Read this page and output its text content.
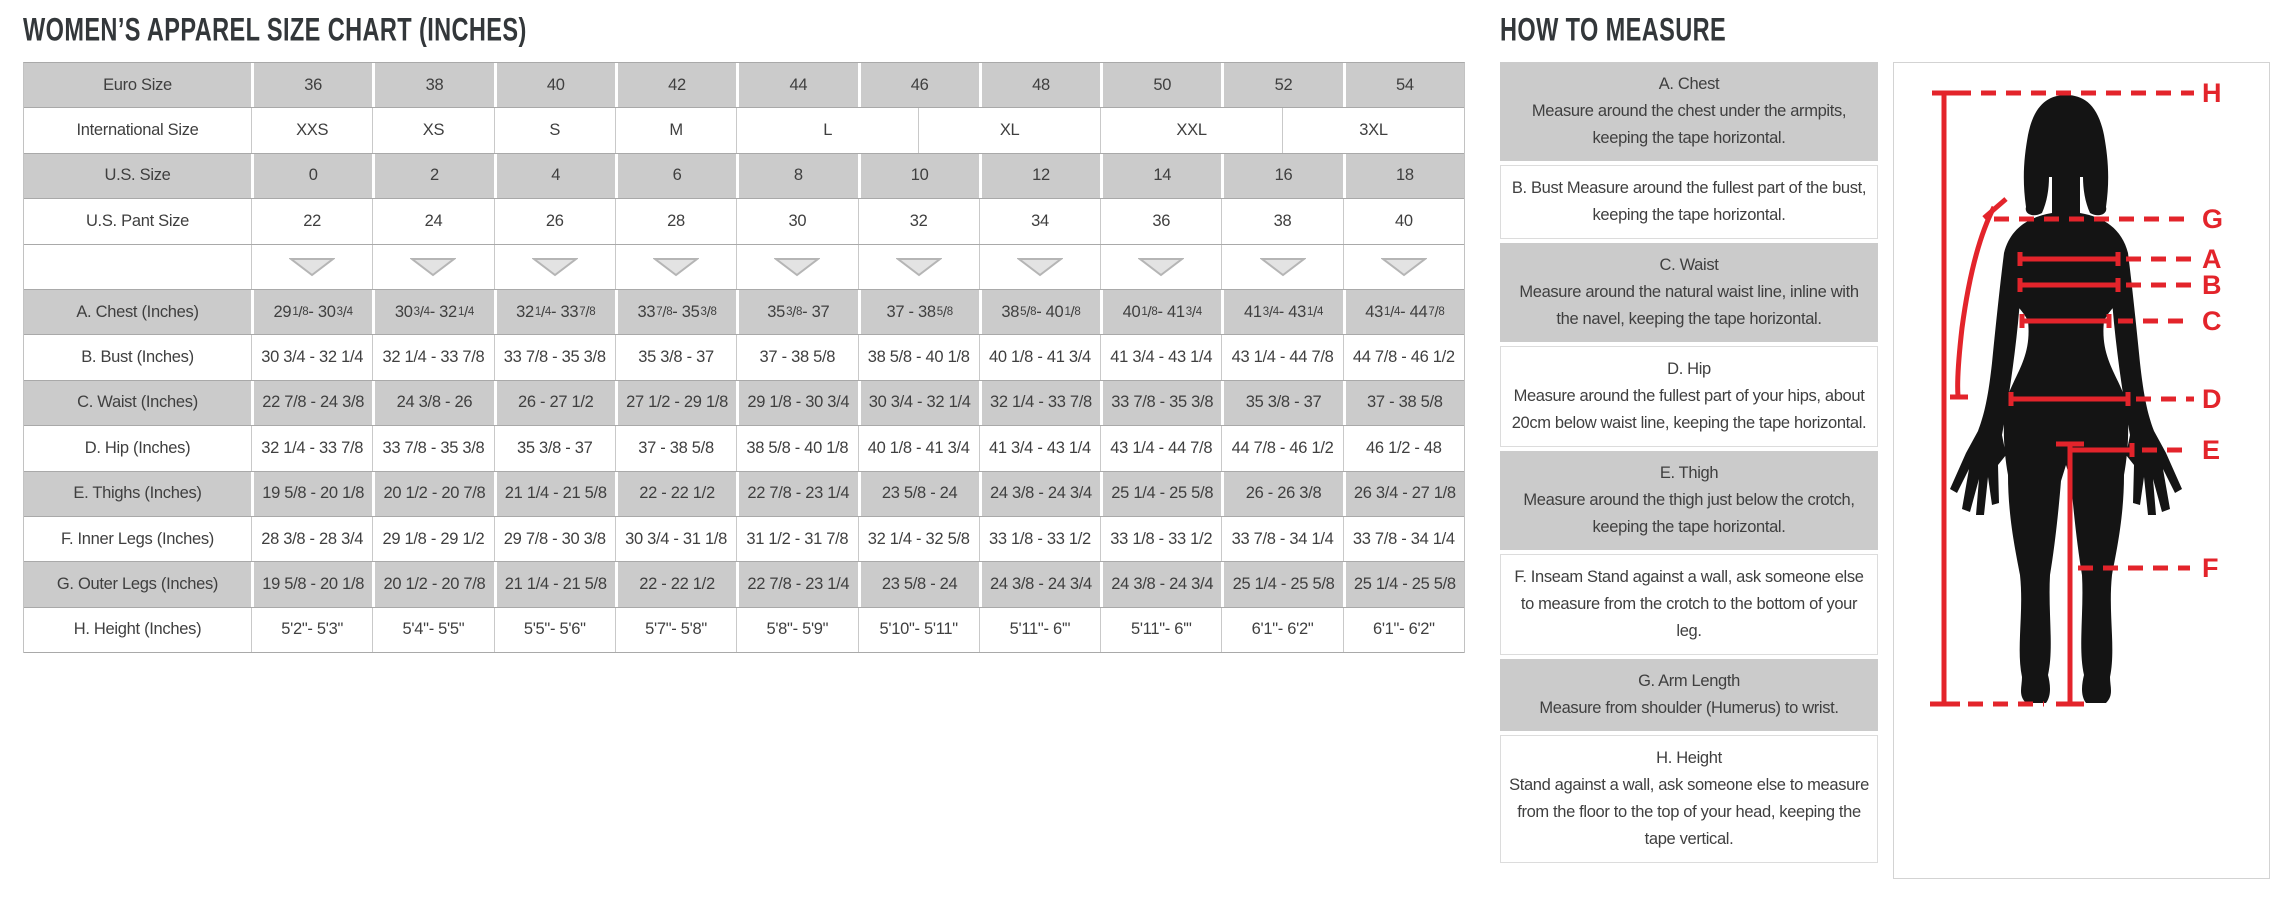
WOMEN’S APPAREL SIZE CHART (INCHES)	HOW TO MEASURE
Euro Size	36	38	40	42	44	46	48	50	52	54
International Size	XXS	XS	S	M	L	XL	XXL	3XL
U.S. Size	0	2	4	6	8	10	12	14	16	18
U.S. Pant Size	22	24	26	28	30	32	34	36	38	40
A. Chest (Inches)	29 1 / 8 - 30 3 / 4	30 3 / 4 - 32 1 / 4	32 1 / 4 - 33 7 / 8	33 7 / 8 - 35 3 / 8	35 3 / 8 - 37	37 - 38 5 / 8	38 5 / 8 - 40 1 / 8	40 1 / 8 - 41 3 / 4	41 3 / 4 - 43 1 / 4	43 1 / 4 - 44 7 / 8
B. Bust (Inches)	30 3/4 - 32 1/4	32 1/4 - 33 7/8	33 7/8 - 35 3/8	35 3/8 - 37	37 - 38 5/8	38 5/8 - 40 1/8	40 1/8 - 41 3/4	41 3/4 - 43 1/4	43 1/4 - 44 7/8	44 7/8 - 46 1/2
C. Waist (Inches)	22 7/8 - 24 3/8	24 3/8 - 26	26 - 27 1/2	27 1/2 - 29 1/8	29 1/8 - 30 3/4	30 3/4 - 32 1/4	32 1/4 - 33 7/8	33 7/8 - 35 3/8	35 3/8 - 37	37 - 38 5/8
D. Hip (Inches)	32 1/4 - 33 7/8	33 7/8 - 35 3/8	35 3/8 - 37	37 - 38 5/8	38 5/8 - 40 1/8	40 1/8 - 41 3/4	41 3/4 - 43 1/4	43 1/4 - 44 7/8	44 7/8 - 46 1/2	46 1/2 - 48
E. Thighs (Inches)	19 5/8 - 20 1/8	20 1/2 - 20 7/8	21 1/4 - 21 5/8	22 - 22 1/2	22 7/8 - 23 1/4	23 5/8 - 24	24 3/8 - 24 3/4	25 1/4 - 25 5/8	26 - 26 3/8	26 3/4 - 27 1/8
F. Inner Legs (Inches)	28 3/8 - 28 3/4	29 1/8 - 29 1/2	29 7/8 - 30 3/8	30 3/4 - 31 1/8	31 1/2 - 31 7/8	32 1/4 - 32 5/8	33 1/8 - 33 1/2	33 1/8 - 33 1/2	33 7/8 - 34 1/4	33 7/8 - 34 1/4
G. Outer Legs (Inches)	19 5/8 - 20 1/8	20 1/2 - 20 7/8	21 1/4 - 21 5/8	22 - 22 1/2	22 7/8 - 23 1/4	23 5/8 - 24	24 3/8 - 24 3/4	24 3/8 - 24 3/4	25 1/4 - 25 5/8	25 1/4 - 25 5/8
H. Height (Inches)	5'2"- 5'3"	5'4"- 5'5"	5'5"- 5'6"	5'7"- 5'8"	5'8"- 5'9"	5'10"- 5'11"	5'11"- 6'"	5'11"- 6'"	6'1"- 6'2"	6'1"- 6'2"
A. Chest
Measure around the chest under the armpits, keeping the tape horizontal.
B. Bust Measure around the fullest part of the bust, keeping the tape horizontal.
C. Waist
Measure around the natural waist line, inline with the navel, keeping the tape horizontal.
D. Hip
Measure around the fullest part of your hips, about 20cm below waist line, keeping the tape horizontal.
E. Thigh
Measure around the thigh just below the crotch, keeping the tape horizontal.
F. Inseam Stand against a wall, ask someone else to measure from the crotch to the bottom of your leg.
G. Arm Length
Measure from shoulder (Humerus) to wrist.
H. Height
Stand against a wall, ask someone else to measure from the floor to the top of your head, keeping the tape vertical.
H
G
A
B
C
D
E
F
